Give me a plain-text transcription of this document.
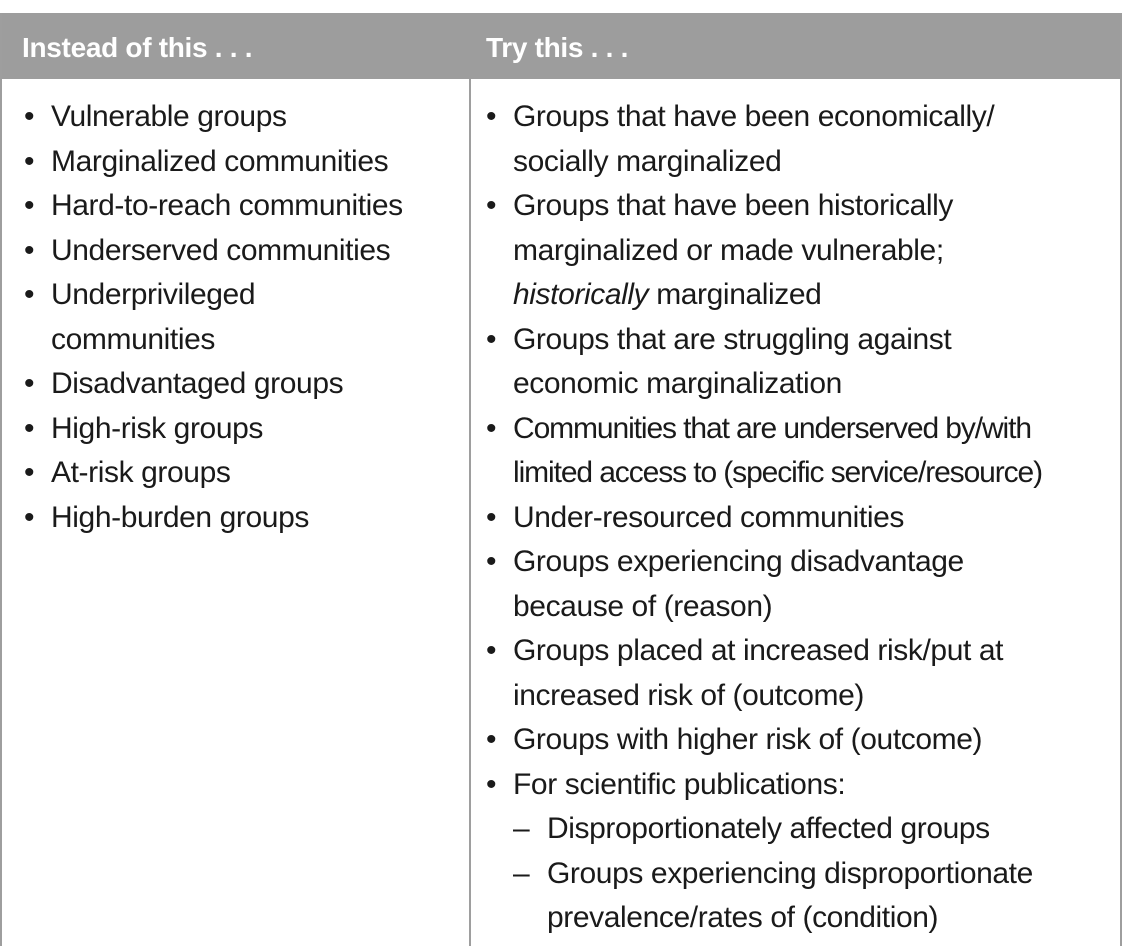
Instead of this . . .	Try this . . .
• Vulnerable groups
• Marginalized communities
• Hard-to-reach communities
• Underserved communities
• Underprivileged communities
• Disadvantaged groups
• High-risk groups
• At-risk groups
• High-burden groups
• Groups that have been economically/ socially marginalized
• Groups that have been historically marginalized or made vulnerable; historically marginalized
• Groups that are struggling against economic marginalization
• Communities that are underserved by/with limited access to (specific service/resource)
• Under-resourced communities
• Groups experiencing disadvantage because of (reason)
• Groups placed at increased risk/put at increased risk of (outcome)
• Groups with higher risk of (outcome)
• For scientific publications:
– Disproportionately affected groups
– Groups experiencing disproportionate prevalence/rates of (condition)
